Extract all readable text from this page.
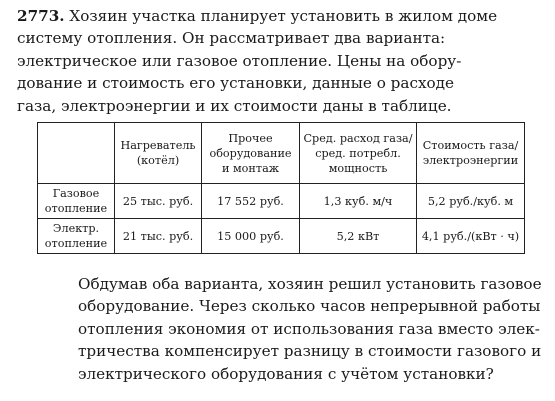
2773. Хозяин участка планирует установить в жилом доме
систему отопления. Он рассматривает два варианта:
электрическое или газовое отопление. Цены на обору-
дование и стоимость его установки, данные о расходе
газа, электроэнергии и их стоимости даны в таблице.

	Нагреватель (котёл)	Прочее оборудование и монтаж	Сред. расход газа/ сред. потребл. мощность	Стоимость газа/ электроэнергии
Газовое отопление	25 тыс. руб.	17 552 руб.	1,3 куб. м/ч	5,2 руб./куб. м
Электр. отопление	21 тыс. руб.	15 000 руб.	5,2 кВт	4,1 руб./(кВт · ч)

Обдумав оба варианта, хозяин решил установить газовое
оборудование. Через сколько часов непрерывной работы
отопления экономия от использования газа вместо элек-
тричества компенсирует разницу в стоимости газового и
электрического оборудования с учётом установки?
